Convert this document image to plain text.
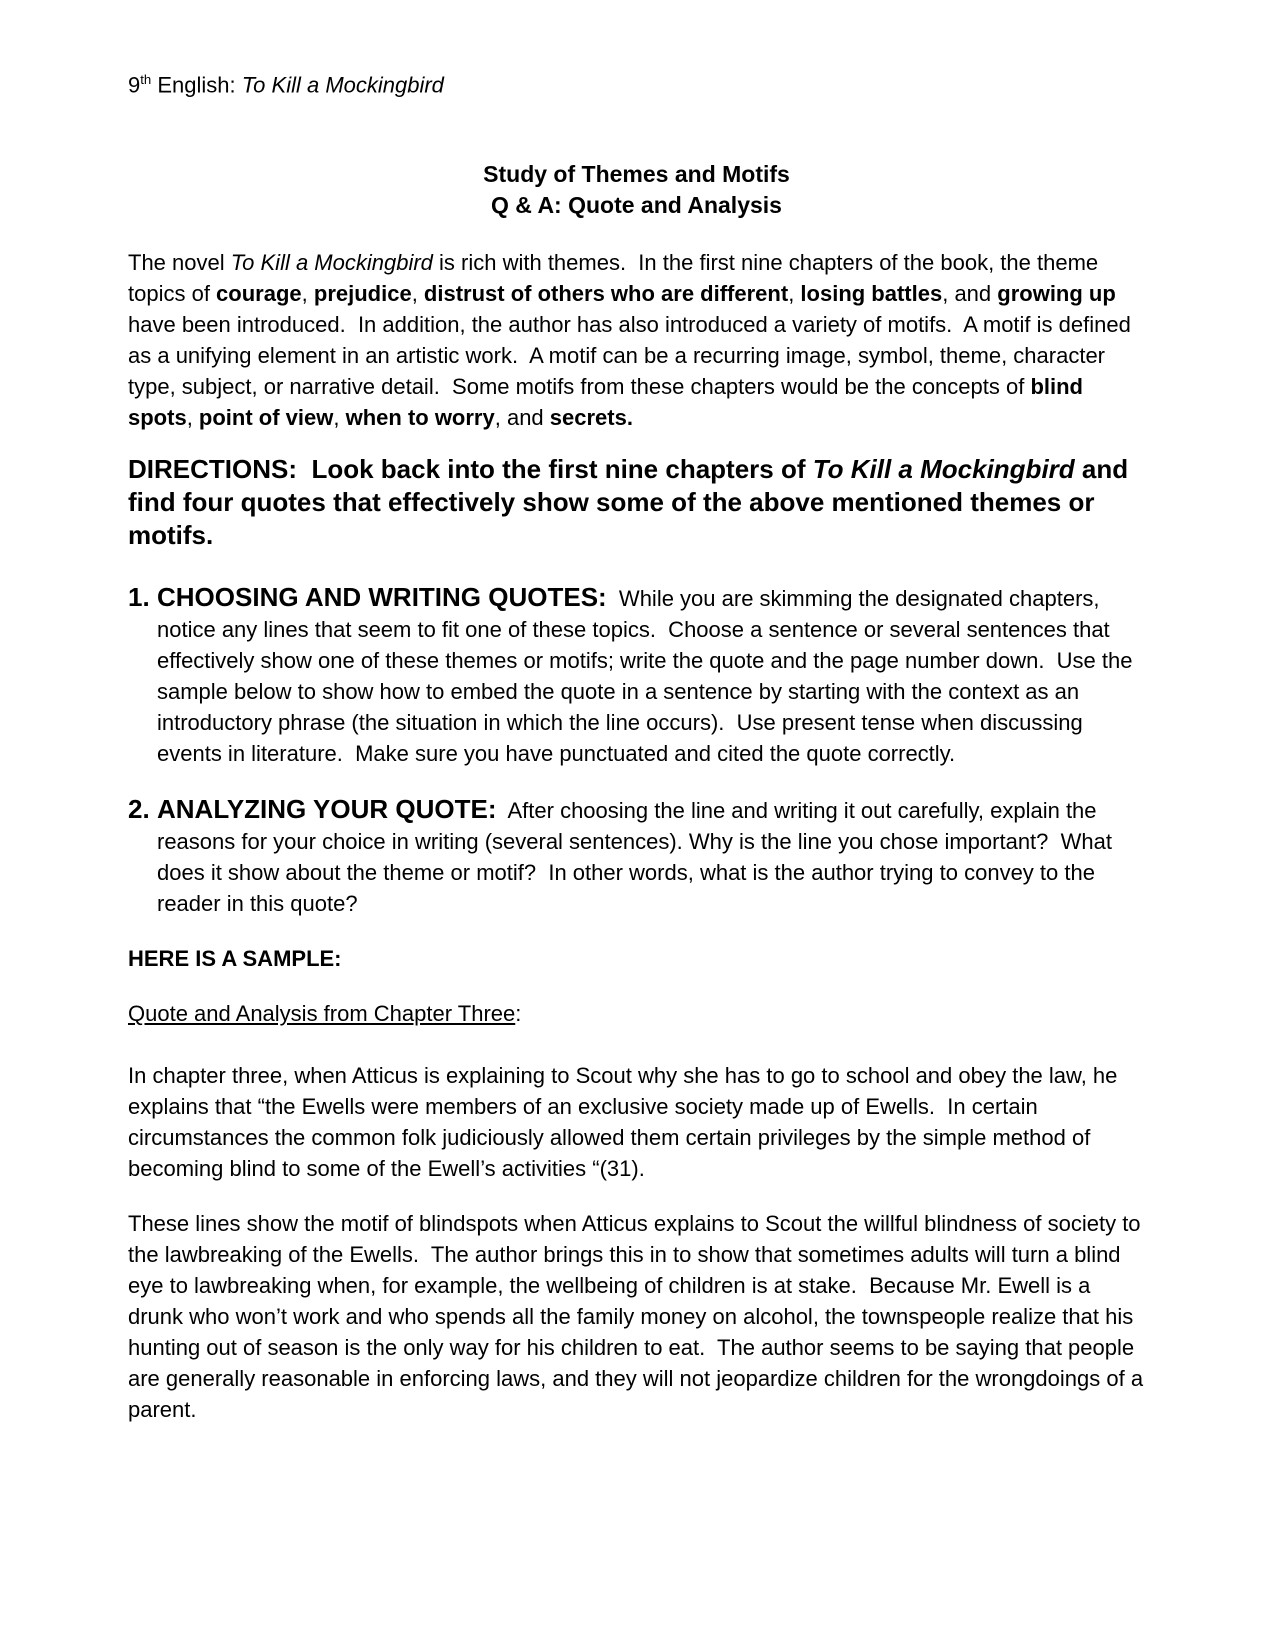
9th English: To Kill a Mockingbird

Study of Themes and Motifs

Q & A: Quote and Analysis

The novel To Kill a Mockingbird is rich with themes.  In the first nine chapters of the book, the theme topics of courage, prejudice, distrust of others who are different, losing battles, and growing up have been introduced.  In addition, the author has also introduced a variety of motifs.  A motif is defined as a unifying element in an artistic work.  A motif can be a recurring image, symbol, theme, character type, subject, or narrative detail.  Some motifs from these chapters would be the concepts of blind spots, point of view, when to worry, and secrets.

DIRECTIONS:  Look back into the first nine chapters of To Kill a Mockingbird and find four quotes that effectively show some of the above mentioned themes or motifs.

1. CHOOSING AND WRITING QUOTES:  While you are skimming the designated chapters, notice any lines that seem to fit one of these topics.  Choose a sentence or several sentences that effectively show one of these themes or motifs; write the quote and the page number down.  Use the sample below to show how to embed the quote in a sentence by starting with the context as an introductory phrase (the situation in which the line occurs).  Use present tense when discussing events in literature.  Make sure you have punctuated and cited the quote correctly.

2. ANALYZING YOUR QUOTE:  After choosing the line and writing it out carefully, explain the reasons for your choice in writing (several sentences). Why is the line you chose important?  What does it show about the theme or motif?  In other words, what is the author trying to convey to the reader in this quote?

HERE IS A SAMPLE:

Quote and Analysis from Chapter Three:

In chapter three, when Atticus is explaining to Scout why she has to go to school and obey the law, he explains that “the Ewells were members of an exclusive society made up of Ewells.  In certain circumstances the common folk judiciously allowed them certain privileges by the simple method of becoming blind to some of the Ewell’s activities “(31).

These lines show the motif of blindspots when Atticus explains to Scout the willful blindness of society to the lawbreaking of the Ewells.  The author brings this in to show that sometimes adults will turn a blind eye to lawbreaking when, for example, the wellbeing of children is at stake.  Because Mr. Ewell is a drunk who won’t work and who spends all the family money on alcohol, the townspeople realize that his hunting out of season is the only way for his children to eat.  The author seems to be saying that people are generally reasonable in enforcing laws, and they will not jeopardize children for the wrongdoings of a parent.
